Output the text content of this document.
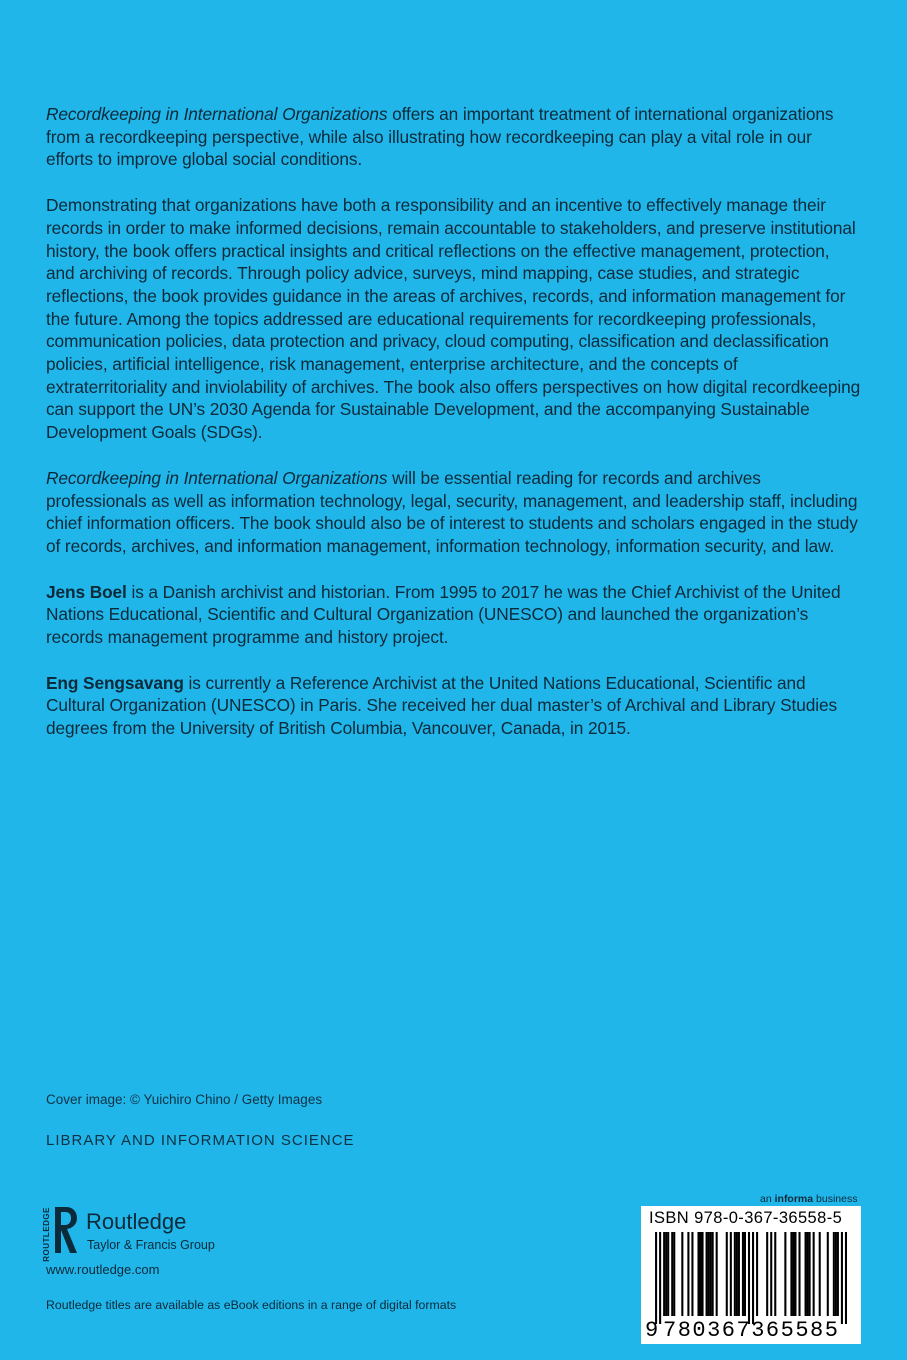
Recordkeeping in International Organizations offers an important treatment of international organizations from a recordkeeping perspective, while also illustrating how recordkeeping can play a vital role in our efforts to improve global social conditions.

Demonstrating that organizations have both a responsibility and an incentive to effectively manage their records in order to make informed decisions, remain accountable to stakeholders, and preserve institutional history, the book offers practical insights and critical reflections on the effective management, protection, and archiving of records. Through policy advice, surveys, mind mapping, case studies, and strategic reflections, the book provides guidance in the areas of archives, records, and information management for the future. Among the topics addressed are educational requirements for recordkeeping professionals, communication policies, data protection and privacy, cloud computing, classification and declassification policies, artificial intelligence, risk management, enterprise architecture, and the concepts of extraterritoriality and inviolability of archives. The book also offers perspectives on how digital recordkeeping can support the UN’s 2030 Agenda for Sustainable Development, and the accompanying Sustainable Development Goals (SDGs).

Recordkeeping in International Organizations will be essential reading for records and archives professionals as well as information technology, legal, security, management, and leadership staff, including chief information officers. The book should also be of interest to students and scholars engaged in the study of records, archives, and information management, information technology, information security, and law.

Jens Boel is a Danish archivist and historian. From 1995 to 2017 he was the Chief Archivist of the United Nations Educational, Scientific and Cultural Organization (UNESCO) and launched the organization’s records management programme and history project.

Eng Sengsavang is currently a Reference Archivist at the United Nations Educational, Scientific and Cultural Organization (UNESCO) in Paris. She received her dual master’s of Archival and Library Studies degrees from the University of British Columbia, Vancouver, Canada, in 2015.

Cover image: © Yuichiro Chino / Getty Images
LIBRARY AND INFORMATION SCIENCE
ROUTLEDGE Routledge
Taylor & Francis Group
www.routledge.com
Routledge titles are available as eBook editions in a range of digital formats
an informa business
ISBN 978-0-367-36558-5
9 780367365585
